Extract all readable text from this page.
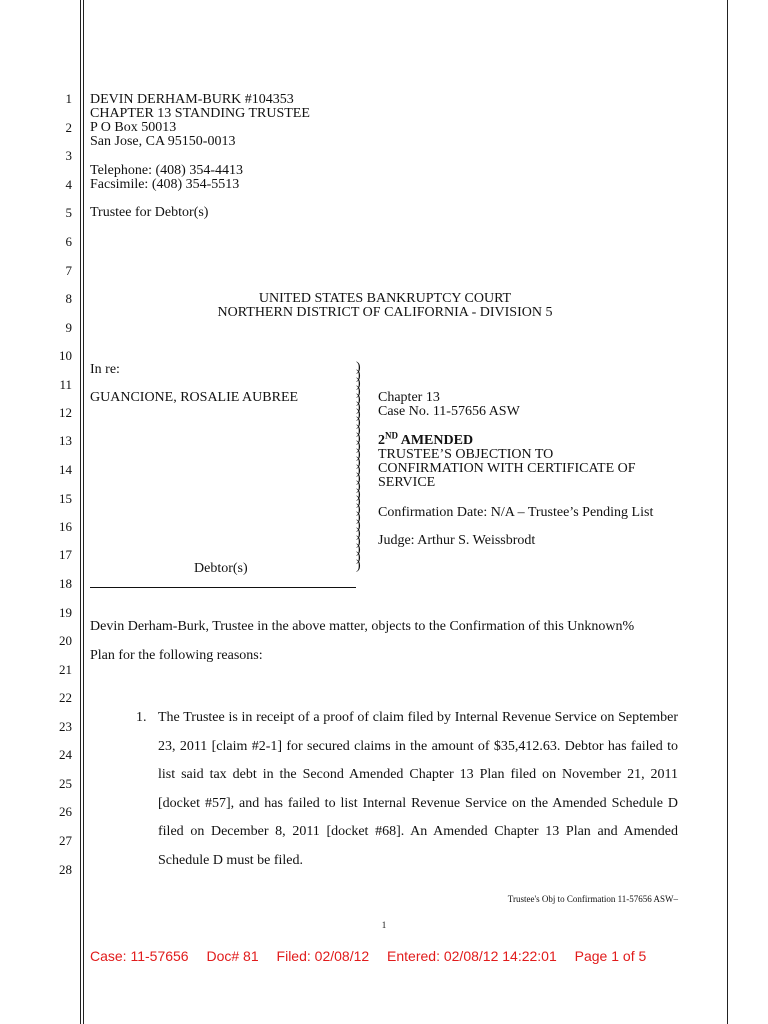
1
2
3
4
5
6
7
8
9
10
11
12
13
14
15
16
17
18
19
20
21
22
23
24
25
26
27
28
DEVIN DERHAM-BURK #104353
CHAPTER 13 STANDING TRUSTEE
P O Box 50013
San Jose, CA 95150-0013
Telephone: (408) 354-4413
Facsimile: (408) 354-5513
Trustee for Debtor(s)
UNITED STATES BANKRUPTCY COURT
NORTHERN DISTRICT OF CALIFORNIA - DIVISION 5
In re:
GUANCIONE, ROSALIE AUBREE
Debtor(s)
)
)
)
)
)
)
)
)
)
)
)
)
)
)
)
)
)
)
)
)
)
)
)
)
)
)
Chapter 13
Case No. 11-57656 ASW
2ND AMENDED
TRUSTEE’S OBJECTION TO
CONFIRMATION WITH CERTIFICATE OF
SERVICE
Confirmation Date: N/A – Trustee’s Pending List
Judge: Arthur S. Weissbrodt
Devin Derham-Burk, Trustee in the above matter, objects to the Confirmation of this Unknown%
Plan for the following reasons:
1. The Trustee is in receipt of a proof of claim filed by Internal Revenue Service on September 23, 2011 [claim #2-1] for secured claims in the amount of $35,412.63. Debtor has failed to list said tax debt in the Second Amended Chapter 13 Plan filed on November 21, 2011 [docket #57], and has failed to list Internal Revenue Service on the Amended Schedule D filed on December 8, 2011 [docket #68]. An Amended Chapter 13 Plan and Amended Schedule D must be filed.
Trustee's Obj to Confirmation 11-57656 ASW–
1
Case: 11-57656 Doc# 81 Filed: 02/08/12 Entered: 02/08/12 14:22:01 Page 1 of 5
